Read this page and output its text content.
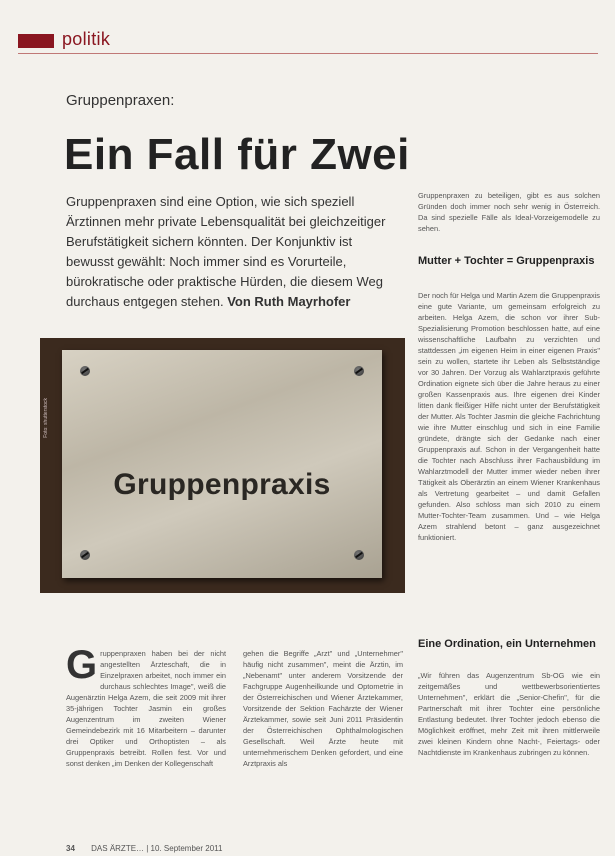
politik
Gruppenpraxen:
Ein Fall für Zwei
Gruppenpraxen sind eine Option, wie sich speziell Ärztinnen mehr private Lebensqualität bei gleichzeitiger Berufstätigkeit sichern könnten. Der Konjunktiv ist bewusst gewählt: Noch immer sind es Vorurteile, bürokratische oder praktische Hürden, die diesem Weg durchaus entgegen stehen. Von Ruth Mayrhofer
Gruppenpraxen zu beteiligen, gibt es aus solchen Gründen doch immer noch sehr wenig in Österreich. Da sind spezielle Fälle als Ideal-Vorzeigemodelle zu sehen.
Mutter + Tochter = Gruppenpraxis
Der noch für Helga und Martin Azem die Gruppenpraxis eine gute Variante, um gemeinsam erfolgreich zu arbeiten. Helga Azem, die schon vor ihrer Sub-Spezialisierung Promotion beschlossen hatte, auf eine wissenschaftliche Laufbahn zu verzichten und stattdessen „im eigenen Heim in einer eigenen Praxis" sein zu wollen, startete ihr Leben als Selbstständige vor 30 Jahren. Der Vorzug als Wahlarztpraxis geführte Ordination eignete sich über die Jahre heraus zu einer großen Kassenpraxis aus. Ihre eigenen drei Kinder litten dank fleißiger Hilfe nicht unter der Berufstätigkeit der Mutter. Als Tochter Jasmin die gleiche Fachrichtung wie ihre Mutter einschlug und sich in eine Familie gründete, drängte sich der Gedanke nach einer Gruppenpraxis auf. Schon in der Vergangenheit hatte die Tochter nach Abschluss ihrer Fachausbildung im Wahlarztmodell der Mutter immer wieder neben ihrer Tätigkeit als Oberärztin an einem Wiener Krankenhaus als Vertretung gearbeitet – und damit Gefallen gefunden. Also schloss man sich 2010 zu einem Mutter-Tochter-Team zusammen. Und – wie Helga Azem strahlend betont – ganz ausgezeichnet funktioniert.
Eine Ordination, ein Unternehmen
„Wir führen das Augenzentrum Sb-OG wie ein zeitgemäßes und wettbewerbsorientiertes Unternehmen", erklärt die „Senior-Chefin", für die Partnerschaft mit ihrer Tochter eine persönliche Entlastung bedeutet. Ihrer Tochter jedoch ebenso die Möglichkeit eröffnet, mehr Zeit mit ihren mittlerweile zwei kleinen Kindern ohne Nacht-, Feiertags- oder Nachtdienste im Krankenhaus zubringen zu können.
Foto: shutterstock
Gruppenpraxis
Gruppenpraxen haben bei der nicht angestellten Ärzteschaft, die in Einzelpraxen arbeitet, noch immer ein durchaus schlechtes Image", weiß die Augenärztin Helga Azem, die seit 2009 mit ihrer 35-jährigen Tochter Jasmin ein großes Augenzentrum im zweiten Wiener Gemeindebezirk mit 16 Mitarbeitern – darunter drei Optiker und Orthoptisten – als Gruppenpraxis betreibt. Rollen fest. Vor und sonst denken „im Denken der Kollegenschaft
gehen die Begriffe „Arzt" und „Unternehmer" häufig nicht zusammen", meint die Ärztin, im „Nebenamt" unter anderem Vorsitzende der Fachgruppe Augenheilkunde und Optometrie in der Österreichischen und Wiener Ärztekammer, Vorsitzende der Sektion Fachärzte der Wiener Ärztekammer, sowie seit Juni 2011 Präsidentin der Österreichischen Ophthalmologischen Gesellschaft. Weil Ärzte heute mit unternehmerischem Denken gefordert, und eine Arztpraxis als
34 DAS ÄRZTE… | 10. September 2011
